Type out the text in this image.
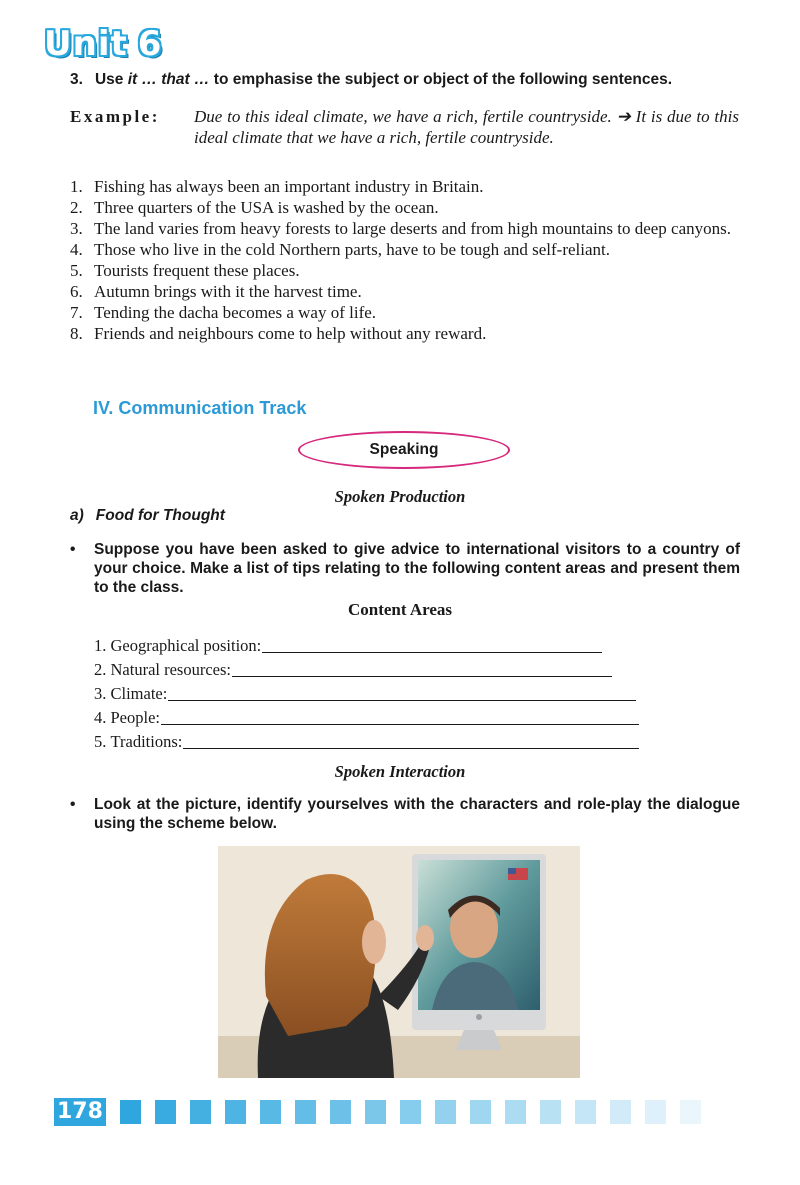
Unit 6
3. Use it … that … to emphasise the subject or object of the following sentences.
Example: Due to this ideal climate, we have a rich, fertile countryside. ➔ It is due to this ideal climate that we have a rich, fertile countryside.
1. Fishing has always been an important industry in Britain.
2. Three quarters of the USA is washed by the ocean.
3. The land varies from heavy forests to large deserts and from high mountains to deep canyons.
4. Those who live in the cold Northern parts, have to be tough and self-reliant.
5. Tourists frequent these places.
6. Autumn brings with it the harvest time.
7. Tending the dacha becomes a way of life.
8. Friends and neighbours come to help without any reward.
IV. Communication Track
Speaking
Spoken Production
a) Food for Thought
• Suppose you have been asked to give advice to international visitors to a country of your choice. Make a list of tips relating to the following content areas and present them to the class.
Content Areas
1.
Geographical position:
2.
Natural resources:
3.
Climate:
4.
People:
5.
Traditions:
Spoken Interaction
• Look at the picture, identify yourselves with the characters and role-play the dialogue using the scheme below.
178
